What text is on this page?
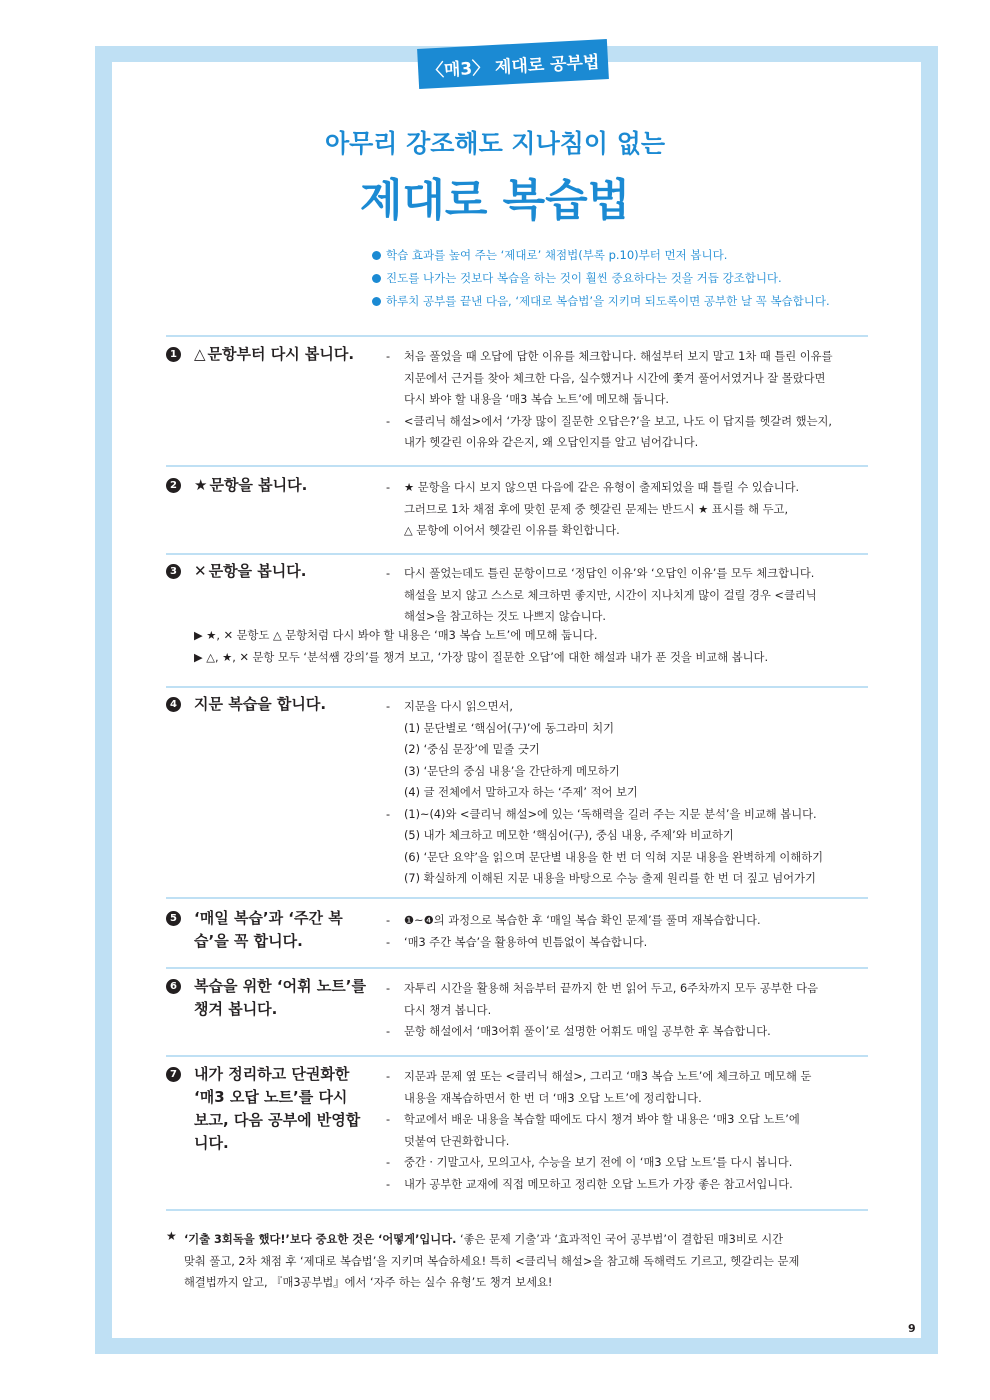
〈매3〉 제대로 공부법
아무리 강조해도 지나침이 없는
제대로 복습법
학습 효과를 높여 주는 ‘제대로’ 채점법(부록 p.10)부터 먼저 봅니다.
진도를 나가는 것보다 복습을 하는 것이 훨씬 중요하다는 것을 거듭 강조합니다.
하루치 공부를 끝낸 다음, ‘제대로 복습법’을 지키며 되도록이면 공부한 날 꼭 복습합니다.
1 △ 문항부터 다시 봅니다.	- 처음 풀었을 때 오답에 답한 이유를 체크합니다. 해설부터 보지 말고 1차 때 틀린 이유를
지문에서 근거를 찾아 체크한 다음, 실수했거나 시간에 쫓겨 풀어서였거나 잘 몰랐다면
다시 봐야 할 내용을 ‘매3 복습 노트’에 메모해 둡니다.
- <클리닉 해설>에서 ‘가장 많이 질문한 오답은?’을 보고, 나도 이 답지를 헷갈려 했는지,
내가 헷갈린 이유와 같은지, 왜 오답인지를 알고 넘어갑니다.
2 ★ 문항을 봅니다.	- ★ 문항을 다시 보지 않으면 다음에 같은 유형이 출제되었을 때 틀릴 수 있습니다.
그러므로 1차 채점 후에 맞힌 문제 중 헷갈린 문제는 반드시 ★ 표시를 해 두고,
△ 문항에 이어서 헷갈린 이유를 확인합니다.
3 ✕ 문항을 봅니다.	- 다시 풀었는데도 틀린 문항이므로 ‘정답인 이유’와 ‘오답인 이유’를 모두 체크합니다.
해설을 보지 않고 스스로 체크하면 좋지만, 시간이 지나치게 많이 걸릴 경우 <클리닉
해설>을 참고하는 것도 나쁘지 않습니다.
▶ ★, ✕ 문항도 △ 문항처럼 다시 봐야 할 내용은 ‘매3 복습 노트’에 메모해 둡니다.
▶ △, ★, ✕ 문항 모두 ‘분석쌤 강의’를 챙겨 보고, ‘가장 많이 질문한 오답’에 대한 해설과 내가 푼 것을 비교해 봅니다.
4 지문 복습을 합니다.	- 지문을 다시 읽으면서,
(1) 문단별로 ‘핵심어(구)’에 동그라미 치기
(2) ‘중심 문장’에 밑줄 긋기
(3) ‘문단의 중심 내용’을 간단하게 메모하기
(4) 글 전체에서 말하고자 하는 ‘주제’ 적어 보기
- (1)~(4)와 <클리닉 해설>에 있는 ‘독해력을 길러 주는 지문 분석’을 비교해 봅니다.
(5) 내가 체크하고 메모한 ‘핵심어(구), 중심 내용, 주제’와 비교하기
(6) ‘문단 요약’을 읽으며 문단별 내용을 한 번 더 익혀 지문 내용을 완벽하게 이해하기
(7) 확실하게 이해된 지문 내용을 바탕으로 수능 출제 원리를 한 번 더 짚고 넘어가기
5 ‘매일 복습’과 ‘주간 복습’을 꼭 합니다.
- ❶~❹의 과정으로 복습한 후 ‘매일 복습 확인 문제’를 풀며 재복습합니다.
- ‘매3 주간 복습’을 활용하여 빈틈없이 복습합니다.
6 복습을 위한 ‘어휘 노트’를 챙겨 봅니다.
- 자투리 시간을 활용해 처음부터 끝까지 한 번 읽어 두고, 6주차까지 모두 공부한 다음
다시 챙겨 봅니다.
- 문항 해설에서 ‘매3어휘 풀이’로 설명한 어휘도 매일 공부한 후 복습합니다.
7 내가 정리하고 단권화한 ‘매3 오답 노트’를 다시 보고, 다음 공부에 반영합니다.
- 지문과 문제 옆 또는 <클리닉 해설>, 그리고 ‘매3 복습 노트’에 체크하고 메모해 둔
내용을 재복습하면서 한 번 더 ‘매3 오답 노트’에 정리합니다.
- 학교에서 배운 내용을 복습할 때에도 다시 챙겨 봐야 할 내용은 ‘매3 오답 노트’에
덧붙여 단권화합니다.
- 중간 · 기말고사, 모의고사, 수능을 보기 전에 이 ‘매3 오답 노트’를 다시 봅니다.
- 내가 공부한 교재에 직접 메모하고 정리한 오답 노트가 가장 좋은 참고서입니다.
★ ‘기출 3회독을 했다!’보다 중요한 것은 ‘어떻게’입니다. ‘좋은 문제 기출’과 ‘효과적인 국어 공부법’이 결합된 매3비로 시간
맞춰 풀고, 2차 채점 후 ‘제대로 복습법’을 지키며 복습하세요! 특히 <클리닉 해설>을 참고해 독해력도 기르고, 헷갈리는 문제
해결법까지 알고, 『매3공부법』에서 ‘자주 하는 실수 유형’도 챙겨 보세요!
9
